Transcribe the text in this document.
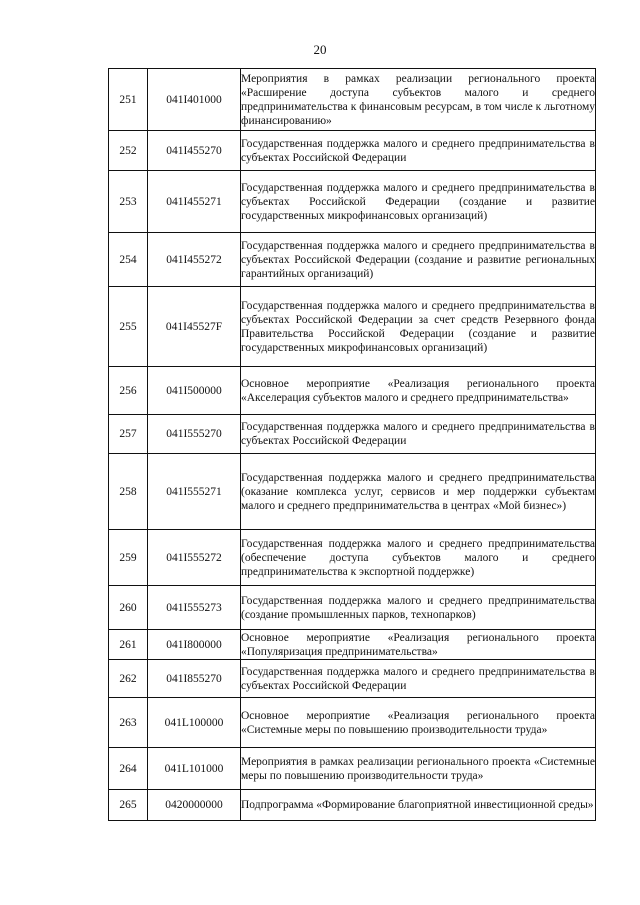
20
251	041I401000	Мероприятия в рамках реализации регионального проекта «Расширение доступа субъектов малого и среднего предпринимательства к финансовым ресурсам, в том числе к льготному финансированию»
252	041I455270	Государственная поддержка малого и среднего предпринимательства в субъектах Российской Федерации
253	041I455271	Государственная поддержка малого и среднего предпринимательства в субъектах Российской Федерации (создание и развитие государственных микрофинансовых организаций)
254	041I455272	Государственная поддержка малого и среднего предпринимательства в субъектах Российской Федерации (создание и развитие региональных гарантийных организаций)
255	041I45527F	Государственная поддержка малого и среднего предпринимательства в субъектах Российской Федерации за счет средств Резервного фонда Правительства Российской Федерации (создание и развитие государственных микрофинансовых организаций)
256	041I500000	Основное мероприятие «Реализация регионального проекта «Акселерация субъектов малого и среднего предпринимательства»
257	041I555270	Государственная поддержка малого и среднего предпринимательства в субъектах Российской Федерации
258	041I555271	Государственная поддержка малого и среднего предпринимательства (оказание комплекса услуг, сервисов и мер поддержки субъектам малого и среднего предпринимательства в центрах «Мой бизнес»)
259	041I555272	Государственная поддержка малого и среднего предпринимательства (обеспечение доступа субъектов малого и среднего предпринимательства к экспортной поддержке)
260	041I555273	Государственная поддержка малого и среднего предпринимательства (создание промышленных парков, технопарков)
261	041I800000	Основное мероприятие «Реализация регионального проекта «Популяризация предпринимательства»
262	041I855270	Государственная поддержка малого и среднего предпринимательства в субъектах Российской Федерации
263	041L100000	Основное мероприятие «Реализация регионального проекта «Системные меры по повышению производительности труда»
264	041L101000	Мероприятия в рамках реализации регионального проекта «Системные меры по повышению производительности труда»
265	0420000000	Подпрограмма «Формирование благоприятной инвестиционной среды»
